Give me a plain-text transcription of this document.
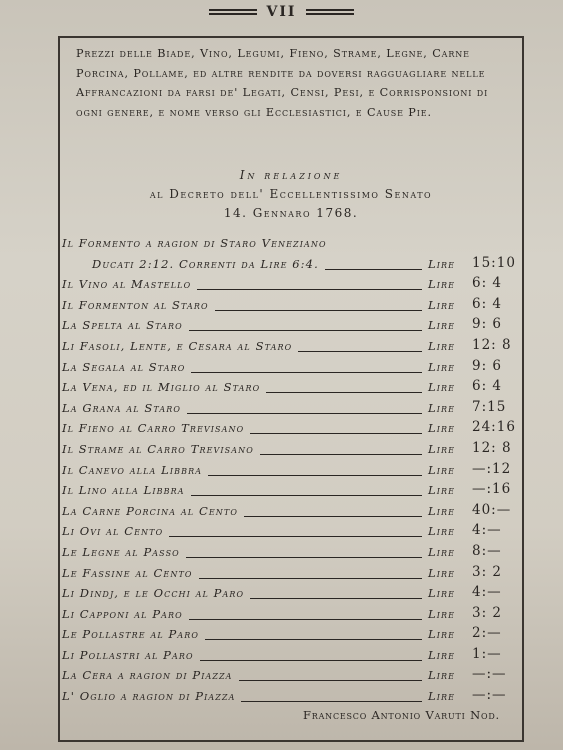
VII
Prezzi delle Biade, Vino, Legumi, Fieno, Strame, Legne, Carne Porcina, Pollame, ed altre rendite da doversi ragguagliare nelle Affrancazioni da farsi de' Legati, Censi, Pesi, e Corrisponsioni di ogni genere, e nome verso gli Ecclesiastici, e Cause Pie.
In relazione
al Decreto dell' Eccellentissimo Senato
14. Gennaro 1768.
Il Formento a ragion di Staro Veneziano
Ducati 2:12. Correnti da Lire 6:4.	Lire 15:10
Il Vino al Mastello	Lire 6: 4
Il Formenton al Staro	Lire 6: 4
La Spelta al Staro	Lire 9: 6
Li Fasoli, Lente, e Cesara al Staro	Lire 12: 8
La Segala al Staro	Lire 9: 6
La Vena, ed il Miglio al Staro	Lire 6: 4
La Grana al Staro	Lire 7:15
Il Fieno al Carro Trevisano	Lire 24:16
Il Strame al Carro Trevisano	Lire 12: 8
Il Canevo alla Libbra	Lire —:12
Il Lino alla Libbra	Lire —:16
La Carne Porcina al Cento	Lire 40:—
Li Ovi al Cento	Lire 4:—
Le Legne al Passo	Lire 8:—
Le Fassine al Cento	Lire 3: 2
Li Dindj, e le Occhi al Paro	Lire 4:—
Li Capponi al Paro	Lire 3: 2
Le Pollastre al Paro	Lire 2:—
Li Pollastri al Paro	Lire 1:—
La Cera a ragion di Piazza	Lire —:—
L' Oglio a ragion di Piazza	Lire —:—
Francesco Antonio Varuti Nod.
